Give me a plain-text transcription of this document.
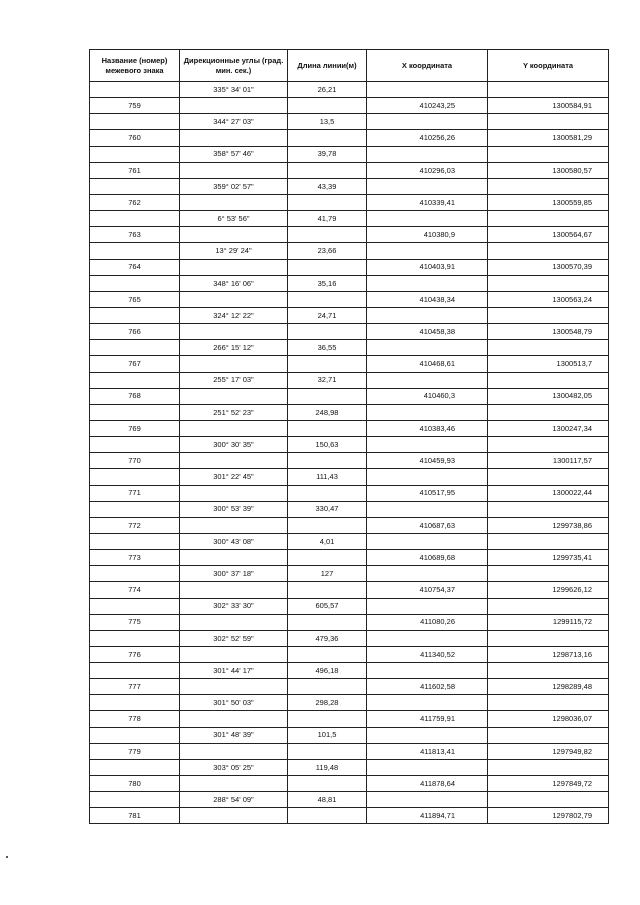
Название (номер) межевого знака	Дирекционные углы (град. мин. сек.)	Длина линии(м)	X координата	Y координата
	335° 34' 01"	26,21		
759			410243,25	1300584,91
	344° 27' 03"	13,5		
760			410256,26	1300581,29
	358° 57' 46"	39,78		
761			410296,03	1300580,57
	359° 02' 57"	43,39		
762			410339,41	1300559,85
	6° 53' 56"	41,79		
763			410380,9	1300564,67
	13° 29' 24"	23,66		
764			410403,91	1300570,39
	348° 16' 06"	35,16		
765			410438,34	1300563,24
	324° 12' 22"	24,71		
766			410458,38	1300548,79
	266° 15' 12"	36,55		
767			410468,61	1300513,7
	255° 17' 03"	32,71		
768			410460,3	1300482,05
	251° 52' 23"	248,98		
769			410383,46	1300247,34
	300° 30' 35"	150,63		
770			410459,93	1300117,57
	301° 22' 45"	111,43		
771			410517,95	1300022,44
	300° 53' 39"	330,47		
772			410687,63	1299738,86
	300° 43' 08"	4,01		
773			410689,68	1299735,41
	300° 37' 18"	127		
774			410754,37	1299626,12
	302° 33' 30"	605,57		
775			411080,26	1299115,72
	302° 52' 59"	479,36		
776			411340,52	1298713,16
	301° 44' 17"	496,18		
777			411602,58	1298289,48
	301° 50' 03"	298,28		
778			411759,91	1298036,07
	301° 48' 39"	101,5		
779			411813,41	1297949,82
	303° 05' 25"	119,48		
780			411878,64	1297849,72
	288° 54' 09"	48,81		
781			411894,71	1297802,79
